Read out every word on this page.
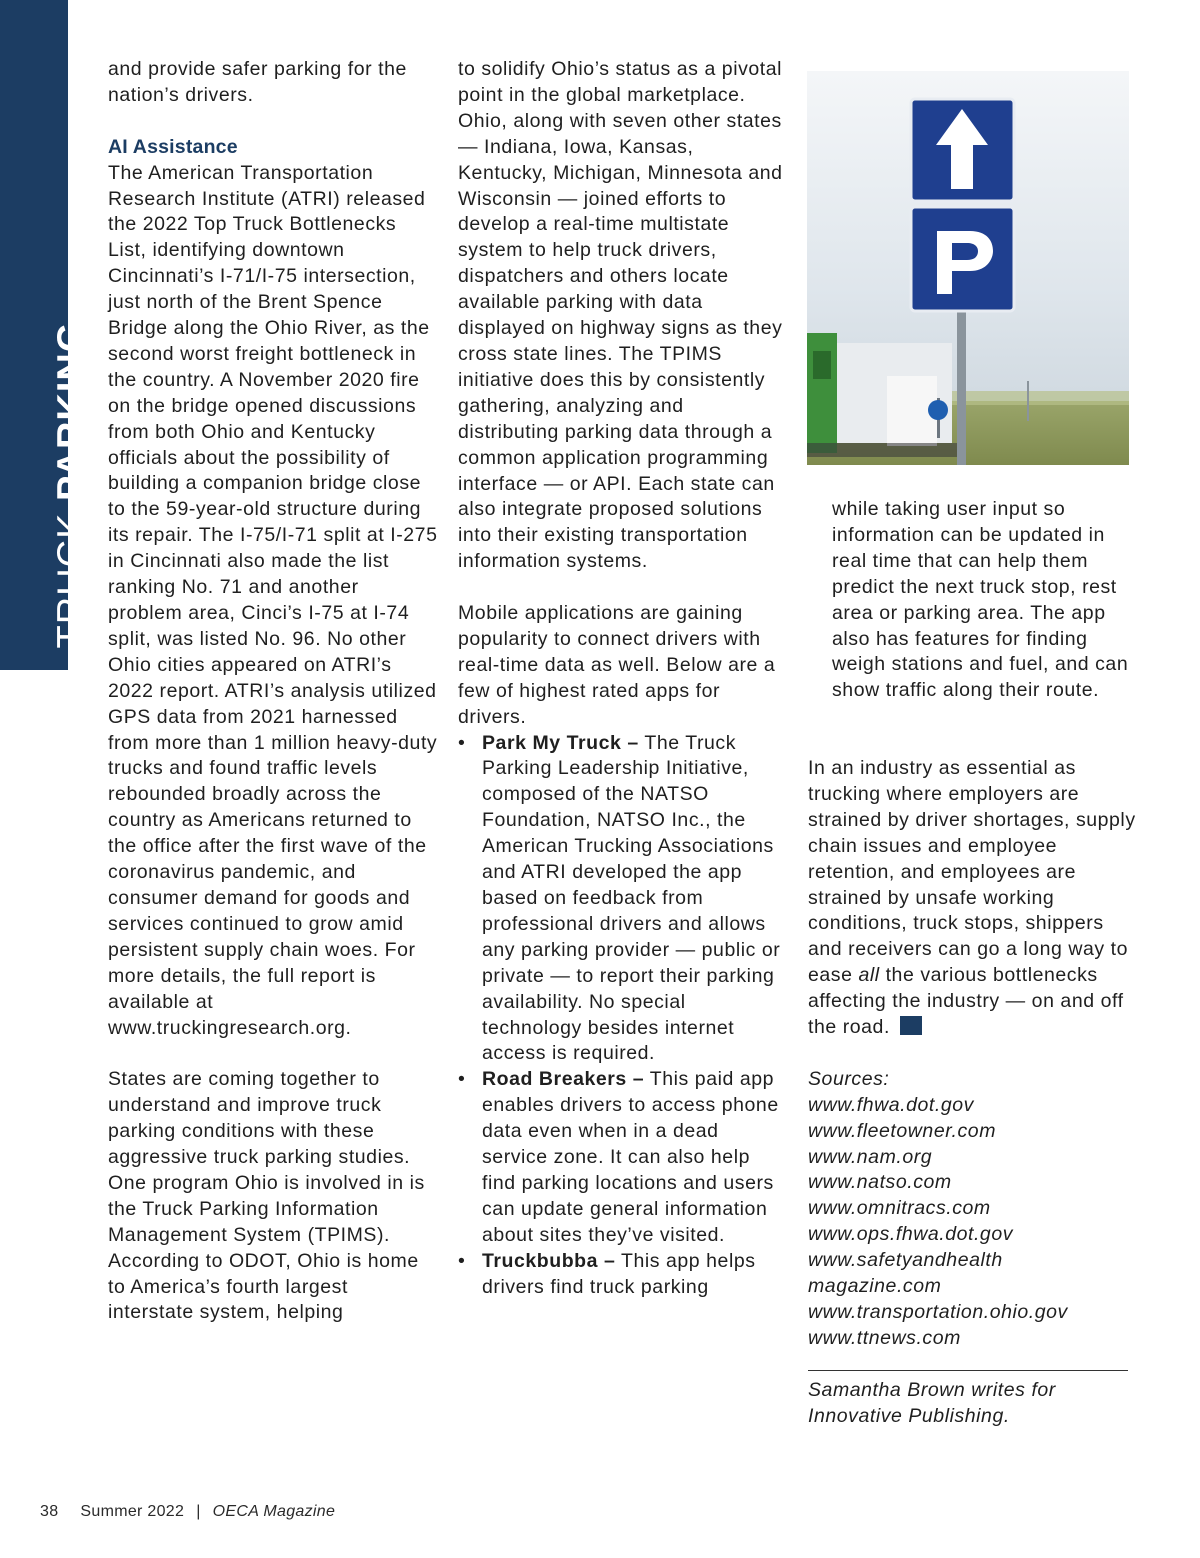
TRUCK PARKING

and provide safer parking for the nation’s drivers.

AI Assistance
The American Transportation Research Institute (ATRI) released the 2022 Top Truck Bottlenecks List, identifying downtown Cincinnati’s I-71/I-75 intersection, just north of the Brent Spence Bridge along the Ohio River, as the second worst freight bottleneck in the country. A November 2020 fire on the bridge opened discussions from both Ohio and Kentucky officials about the possibility of building a companion bridge close to the 59-year-old structure during its repair. The I-75/I-71 split at I-275 in Cincinnati also made the list ranking No. 71 and another problem area, Cinci’s I-75 at I-74 split, was listed No. 96. No other Ohio cities appeared on ATRI’s 2022 report. ATRI’s analysis utilized GPS data from 2021 harnessed from more than 1 million heavy-duty trucks and found traffic levels rebounded broadly across the country as Americans returned to the office after the first wave of the coronavirus pandemic, and consumer demand for goods and services continued to grow amid persistent supply chain woes. For more details, the full report is available at www.truckingresearch.org.

States are coming together to understand and improve truck parking conditions with these aggressive truck parking studies. One program Ohio is involved in is the Truck Parking Information Management System (TPIMS). According to ODOT, Ohio is home to America’s fourth largest interstate system, helping

to solidify Ohio’s status as a pivotal point in the global marketplace. Ohio, along with seven other states — Indiana, Iowa, Kansas, Kentucky, Michigan, Minnesota and Wisconsin — joined efforts to develop a real-time multistate system to help truck drivers, dispatchers and others locate available parking with data displayed on highway signs as they cross state lines. The TPIMS initiative does this by consistently gathering, analyzing and distributing parking data through a common application programming interface — or API. Each state can also integrate proposed solutions into their existing transportation information systems.

Mobile applications are gaining popularity to connect drivers with real-time data as well. Below are a few of highest rated apps for drivers.

• Park My Truck – The Truck Parking Leadership Initiative, composed of the NATSO Foundation, NATSO Inc., the American Trucking Associations and ATRI developed the app based on feedback from professional drivers and allows any parking provider — public or private — to report their parking availability. No special technology besides internet access is required.
• Road Breakers – This paid app enables drivers to access phone data even when in a dead service zone. It can also help find parking locations and users can update general information about sites they’ve visited.
• Truckbubba – This app helps drivers find truck parking

while taking user input so information can be updated in real time that can help them predict the next truck stop, rest area or parking area. The app also has features for finding weigh stations and fuel, and can show traffic along their route.

In an industry as essential as trucking where employers are strained by driver shortages, supply chain issues and employee retention, and employees are strained by unsafe working conditions, truck stops, shippers and receivers can go a long way to ease all the various bottlenecks affecting the industry — on and off the road.

Sources:
www.fhwa.dot.gov
www.fleetowner.com
www.nam.org
www.natso.com
www.omnitracs.com
www.ops.fhwa.dot.gov
www.safetyandhealth magazine.com
www.transportation.ohio.gov
www.ttnews.com
Samantha Brown writes for Innovative Publishing.
38 Summer 2022 | OECA Magazine
